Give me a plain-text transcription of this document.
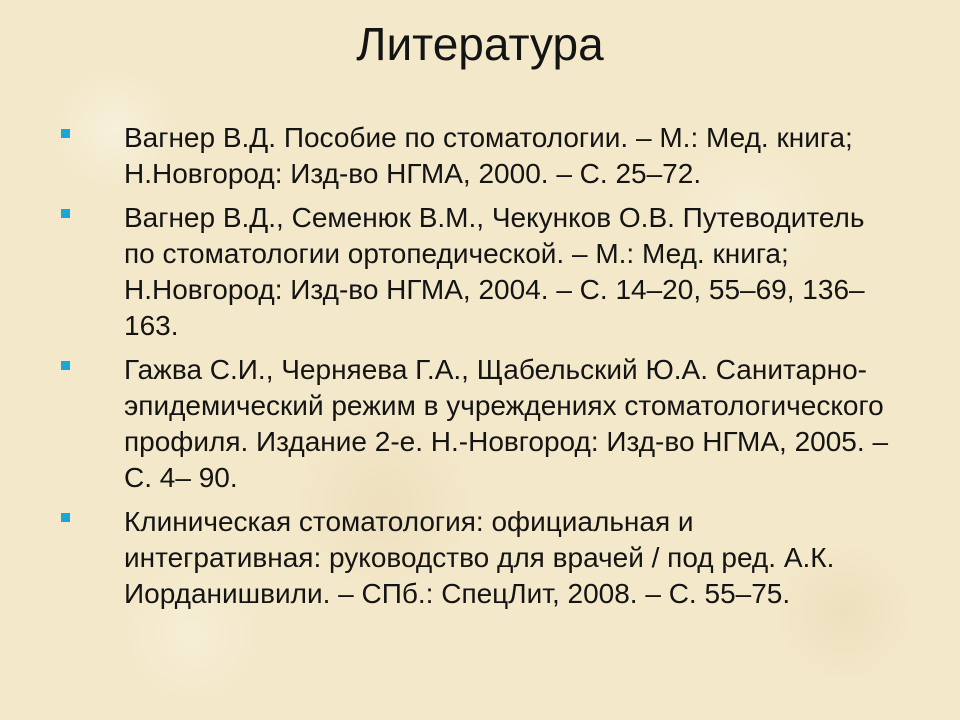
Литература
Вагнер В.Д. Пособие по стоматологии. – М.: Мед. книга; Н.Новгород: Изд-во НГМА, 2000. – С. 25–72.
Вагнер В.Д., Семенюк В.М., Чекунков О.В. Путеводитель по стоматологии ортопедической. – М.: Мед. книга; Н.Новгород: Изд-во НГМА, 2004. – С. 14–20, 55–69, 136–163.
Гажва С.И., Черняева Г.А., Щабельский Ю.А. Санитарно-эпидемический режим в учреждениях стоматологического профиля. Издание 2-е. Н.-Новгород: Изд-во НГМА, 2005. – С. 4– 90.
Клиническая стоматология: официальная и интегративная: руководство для врачей / под ред. А.К. Иорданишвили. – СПб.: СпецЛит, 2008. – С. 55–75.
